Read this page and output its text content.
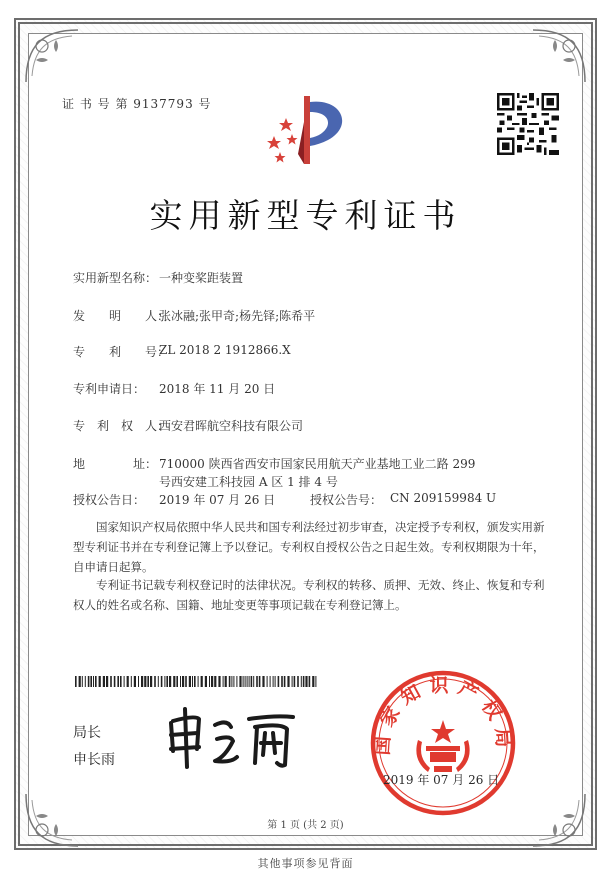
证 书 号 第 9137793 号
实用新型专利证书
实用新型名称： 一种变桨距装置
发　　明　　人：
张冰融;张甲奇;杨先铎;陈希平
专　　利　　号：
ZL 2018 2 1912866.X
专利申请日： 2018 年 11 月 20 日
专　利　权　人：
西安君晖航空科技有限公司
地　　　　址： 710000 陕西省西安市国家民用航天产业基地工业二路 299
号西安建工科技园 A 区 1 排 4 号
授权公告日： 2019 年 07 月 26 日	授权公告号： CN 209159984 U
国家知识产权局依照中华人民共和国专利法经过初步审查，决定授予专利权，颁发实用新型专利证书并在专利登记簿上予以登记。专利权自授权公告之日起生效。专利权期限为十年，自申请日起算。
专利证书记载专利权登记时的法律状况。专利权的转移、质押、无效、终止、恢复和专利权人的姓名或名称、国籍、地址变更等事项记载在专利登记簿上。
局长
申长雨
国家知识产权局
2019 年 07 月 26 日
第 1 页 (共 2 页)
其他事项参见背面
